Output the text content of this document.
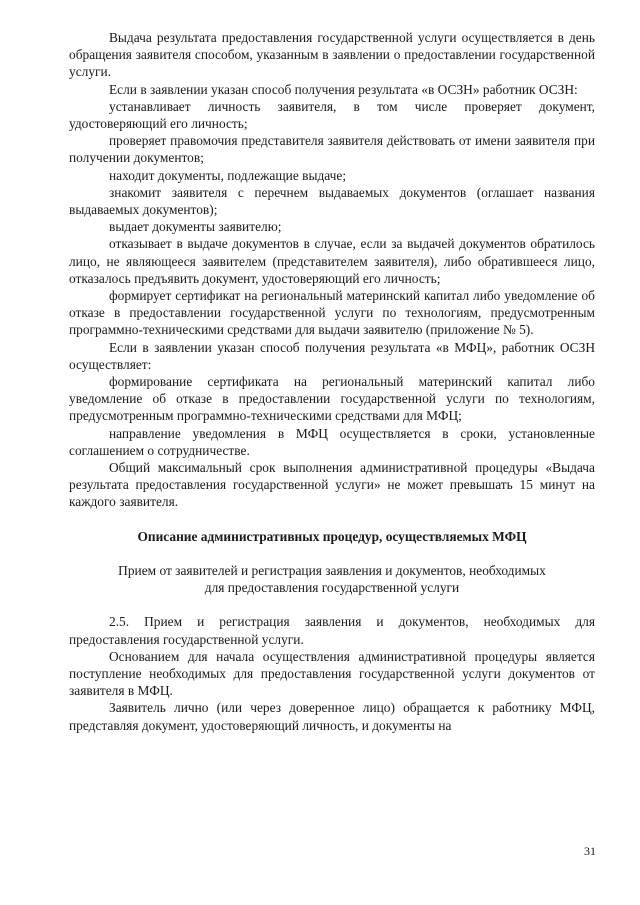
Выдача результата предоставления государственной услуги осуществляется в день обращения заявителя способом, указанным в заявлении о предоставлении государственной услуги.

Если в заявлении указан способ получения результата «в ОСЗН» работник ОСЗН:

устанавливает личность заявителя, в том числе проверяет документ, удостоверяющий его личность;

проверяет правомочия представителя заявителя действовать от имени заявителя при получении документов;

находит документы, подлежащие выдаче;

знакомит заявителя с перечнем выдаваемых документов (оглашает названия выдаваемых документов);

выдает документы заявителю;

отказывает в выдаче документов в случае, если за выдачей документов обратилось лицо, не являющееся заявителем (представителем заявителя), либо обратившееся лицо, отказалось предъявить документ, удостоверяющий его личность;

формирует сертификат на региональный материнский капитал либо уведомление об отказе в предоставлении государственной услуги по технологиям, предусмотренным программно-техническими средствами для выдачи заявителю (приложение № 5).

Если в заявлении указан способ получения результата «в МФЦ», работник ОСЗН осуществляет:

формирование сертификата на региональный материнский капитал либо уведомление об отказе в предоставлении государственной услуги по технологиям, предусмотренным программно-техническими средствами для МФЦ;

направление уведомления в МФЦ осуществляется в сроки, установленные соглашением о сотрудничестве.

Общий максимальный срок выполнения административной процедуры «Выдача результата предоставления государственной услуги» не может превышать 15 минут на каждого заявителя.

Описание административных процедур, осуществляемых МФЦ

Прием от заявителей и регистрация заявления и документов, необходимых
для предоставления государственной услуги

2.5. Прием и регистрация заявления и документов, необходимых для предоставления государственной услуги.

Основанием для начала осуществления административной процедуры является поступление необходимых для предоставления государственной услуги документов от заявителя в МФЦ.

Заявитель лично (или через доверенное лицо) обращается к работнику МФЦ, представляя документ, удостоверяющий личность, и документы на

31
